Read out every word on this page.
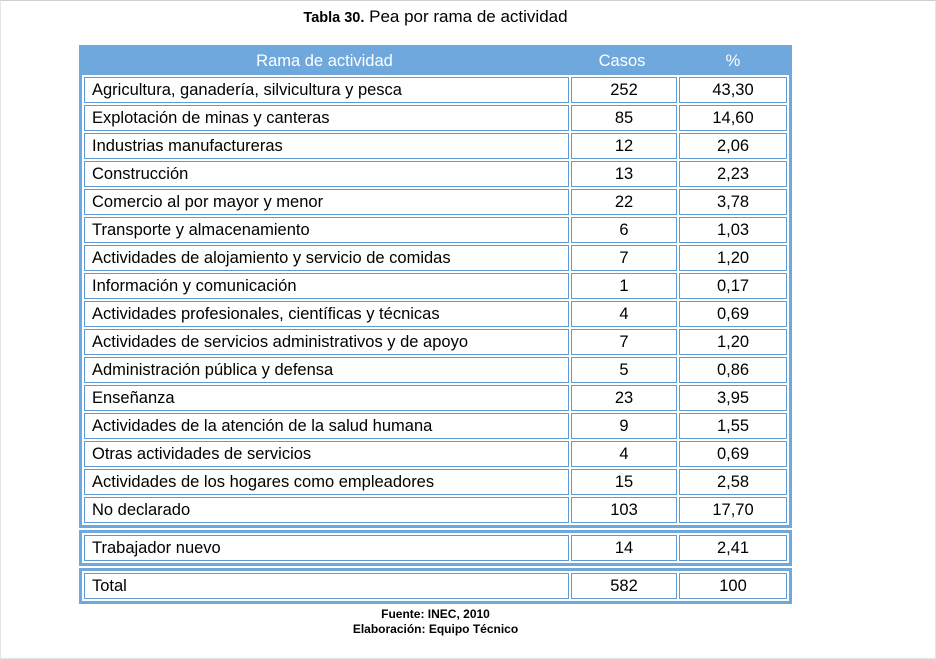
Tabla 30. Pea por rama de actividad
Rama de actividad	Casos	%
Agricultura, ganadería, silvicultura y pesca	252	43,30
Explotación de minas y canteras	85	14,60
Industrias manufactureras	12	2,06
Construcción	13	2,23
Comercio al por mayor y menor	22	3,78
Transporte y almacenamiento	6	1,03
Actividades de alojamiento y servicio de comidas	7	1,20
Información y comunicación	1	0,17
Actividades profesionales, científicas y técnicas	4	0,69
Actividades de servicios administrativos y de apoyo	7	1,20
Administración pública y defensa	5	0,86
Enseñanza	23	3,95
Actividades de la atención de la salud humana	9	1,55
Otras actividades de servicios	4	0,69
Actividades de los hogares como empleadores	15	2,58
No declarado	103	17,70
Trabajador nuevo	14	2,41
Total	582	100
Fuente: INEC, 2010
Elaboración: Equipo Técnico
